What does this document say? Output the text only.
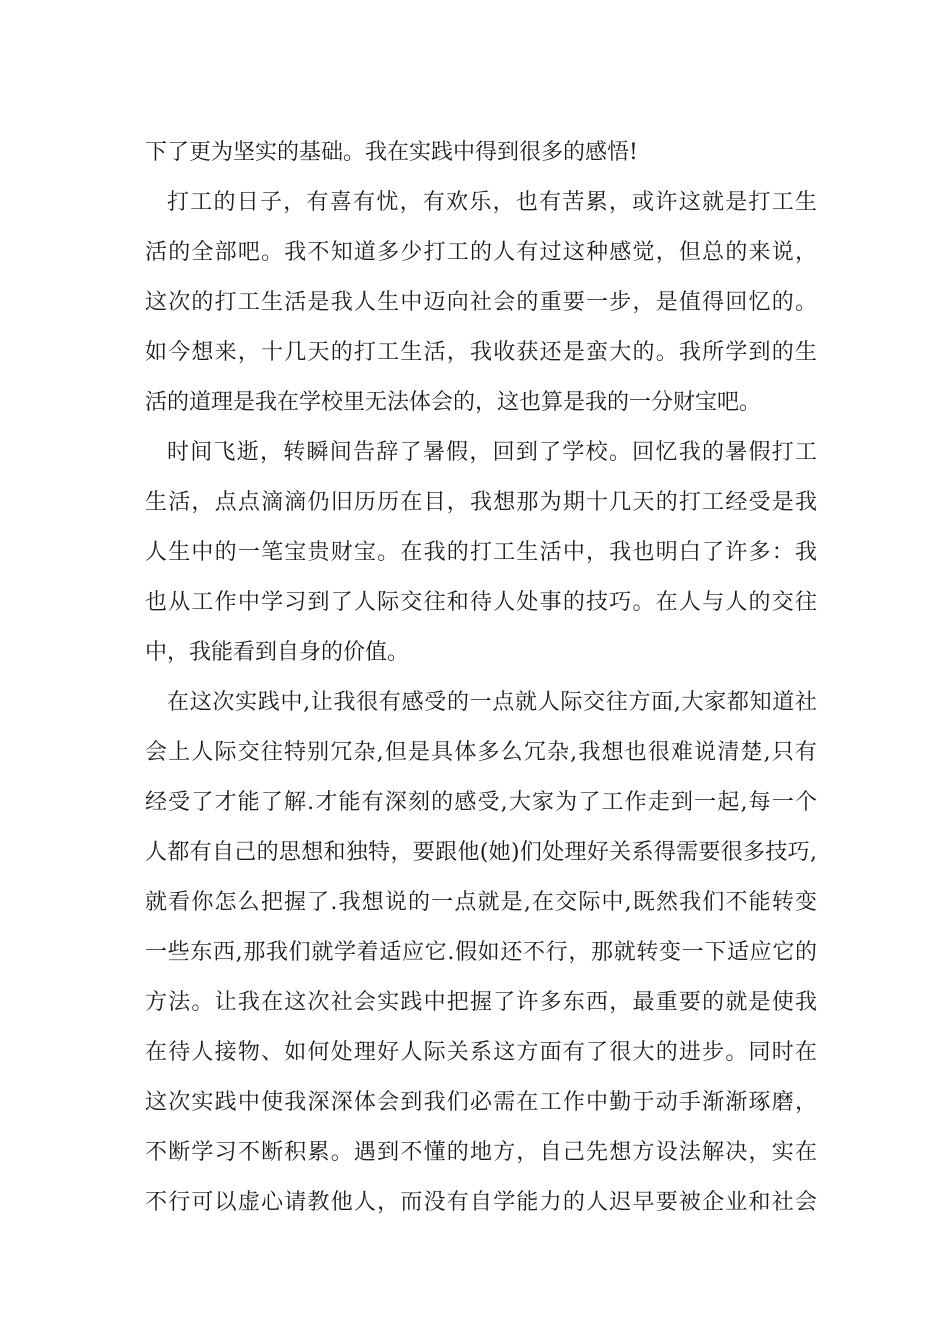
下了更为坚实的基础。我在实践中得到很多的感悟!
打工的日子，有喜有忧，有欢乐，也有苦累，或许这就是打工生
活的全部吧。我不知道多少打工的人有过这种感觉，但总的来说，
这次的打工生活是我人生中迈向社会的重要一步，是值得回忆的。
如今想来，十几天的打工生活，我收获还是蛮大的。我所学到的生
活的道理是我在学校里无法体会的，这也算是我的一分财宝吧。
时间飞逝，转瞬间告辞了暑假，回到了学校。回忆我的暑假打工
生活，点点滴滴仍旧历历在目，我想那为期十几天的打工经受是我
人生中的一笔宝贵财宝。在我的打工生活中，我也明白了许多：我
也从工作中学习到了人际交往和待人处事的技巧。在人与人的交往
中，我能看到自身的价值。
在这次实践中,让我很有感受的一点就人际交往方面,大家都知道社
会上人际交往特别冗杂,但是具体多么冗杂,我想也很难说清楚,只有
经受了才能了解.才能有深刻的感受,大家为了工作走到一起,每一个
人都有自己的思想和独特，要跟他(她)们处理好关系得需要很多技巧,
就看你怎么把握了.我想说的一点就是,在交际中,既然我们不能转变
一些东西,那我们就学着适应它.假如还不行，那就转变一下适应它的
方法。让我在这次社会实践中把握了许多东西，最重要的就是使我
在待人接物、如何处理好人际关系这方面有了很大的进步。同时在
这次实践中使我深深体会到我们必需在工作中勤于动手渐渐琢磨，
不断学习不断积累。遇到不懂的地方，自己先想方设法解决，实在
不行可以虚心请教他人，而没有自学能力的人迟早要被企业和社会
